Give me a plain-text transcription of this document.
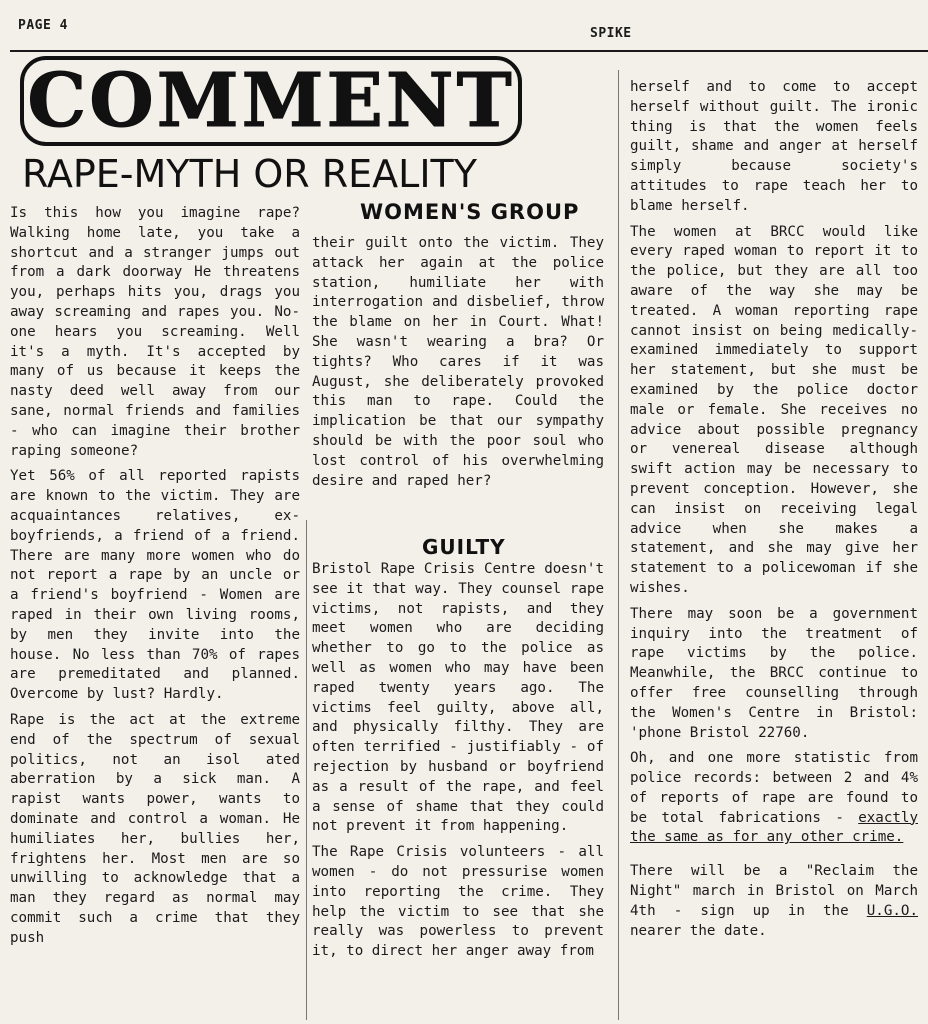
PAGE 4
SPIKE
COMMENT
RAPE-MYTH OR REALITY
WOMEN'S GROUP

Is this how you imagine rape? Walking home late, you take a shortcut and a stranger jumps out from a dark doorway He threatens you, perhaps hits you, drags you away screaming and rapes you. No-one hears you screaming. Well it's a myth. It's accepted by many of us because it keeps the nasty deed well away from our sane, normal friends and families - who can imagine their brother raping someone?

Yet 56% of all reported rapists are known to the victim. They are acquaintances relatives, ex-boyfriends, a friend of a friend. There are many more women who do not report a rape by an uncle or a friend's boyfriend - Women are raped in their own living rooms, by men they invite into the house. No less than 70% of rapes are premeditated and planned. Overcome by lust? Hardly.

Rape is the act at the extreme end of the spectrum of sexual politics, not an isol ated aberration by a sick man. A rapist wants power, wants to dominate and control a woman. He humiliates her, bullies her, frightens her. Most men are so unwilling to acknowledge that a man they regard as normal may commit such a crime that they push

their guilt onto the victim. They attack her again at the police station, humiliate her with interrogation and disbelief, throw the blame on her in Court. What! She wasn't wearing a bra? Or tights? Who cares if it was August, she deliberately provoked this man to rape. Could the implication be that our sympathy should be with the poor soul who lost control of his overwhelming desire and raped her?

GUILTY

Bristol Rape Crisis Centre doesn't see it that way. They counsel rape victims, not rapists, and they meet women who are deciding whether to go to the police as well as women who may have been raped twenty years ago. The victims feel guilty, above all, and physically filthy. They are often terrified - justifiably - of rejection by husband or boyfriend as a result of the rape, and feel a sense of shame that they could not prevent it from happening.

The Rape Crisis volunteers - all women - do not pressurise women into reporting the crime. They help the victim to see that she really was powerless to prevent it, to direct her anger away from

herself and to come to accept herself without guilt. The ironic thing is that the women feels guilt, shame and anger at herself simply because society's attitudes to rape teach her to blame herself.

The women at BRCC would like every raped woman to report it to the police, but they are all too aware of the way she may be treated. A woman reporting rape cannot insist on being medically-examined immediately to support her statement, but she must be examined by the police doctor male or female. She receives no advice about possible pregnancy or venereal disease although swift action may be necessary to prevent conception. However, she can insist on receiving legal advice when she makes a statement, and she may give her statement to a policewoman if she wishes.

There may soon be a government inquiry into the treatment of rape victims by the police. Meanwhile, the BRCC continue to offer free counselling through the Women's Centre in Bristol: 'phone Bristol 22760.

Oh, and one more statistic from police records: between 2 and 4% of reports of rape are found to be total fabrications - exactly the same as for any other crime.

There will be a "Reclaim the Night" march in Bristol on March 4th - sign up in the U.G.O. nearer the date.
